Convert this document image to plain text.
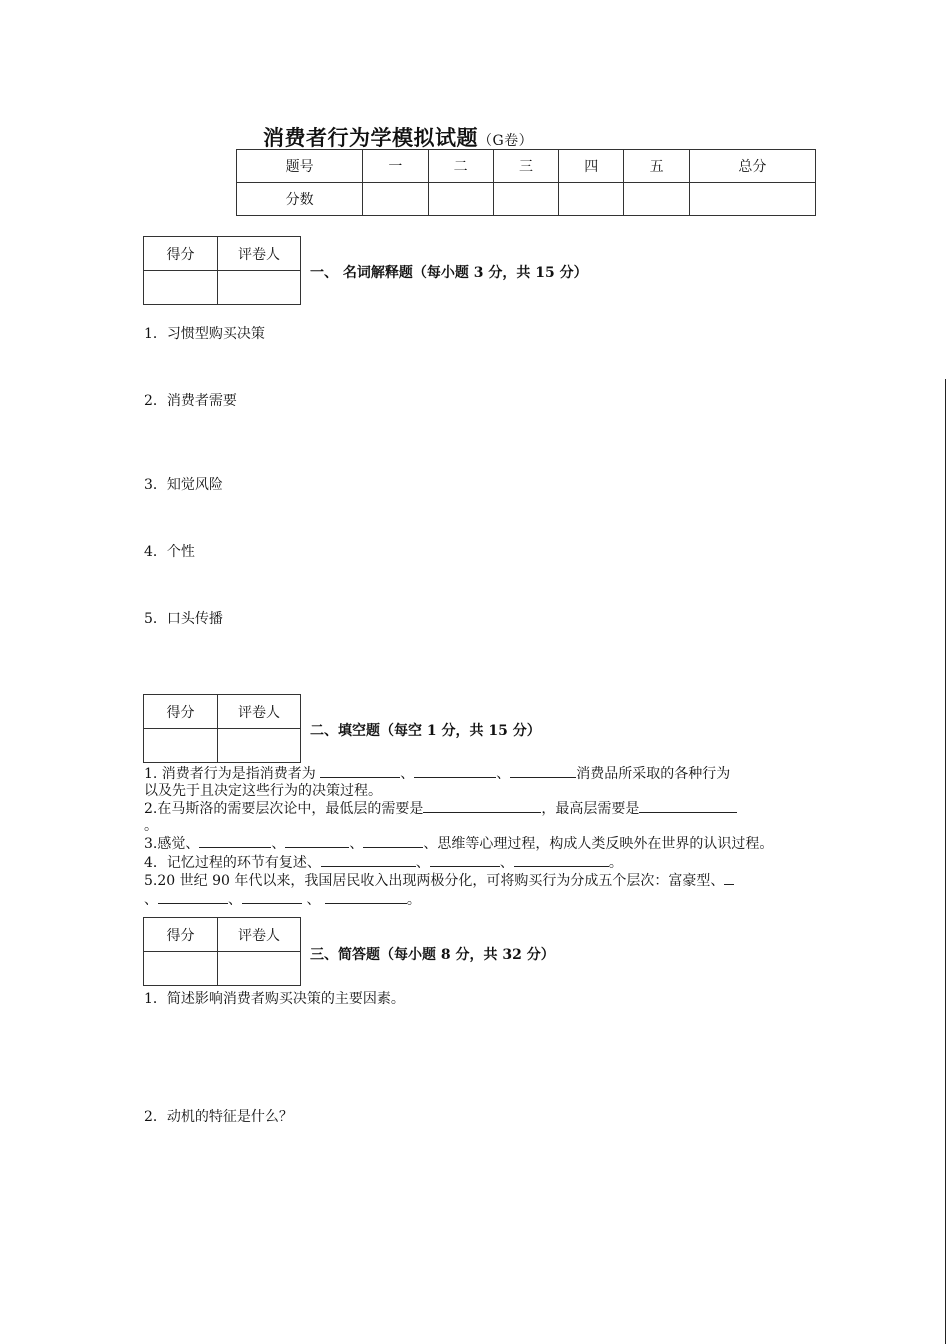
消费者行为学模拟试题（G卷）
题号	一	二	三	四	五	总分
分数						
得分	评卷人

一、 名词解释题（每小题 3 分，共 15 分）
1．习惯型购买决策
2．消费者需要
3．知觉风险
4．个性
5．口头传播
得分	评卷人

二、填空题（每空 1 分，共 15 分）

1. 消费者行为是指消费者为	、	、	消费品所采取的各种行为

以及先于且决定这些行为的决策过程。

2.在马斯洛的需要层次论中，最低层的需要是	，最高层需要是

。

3.感觉、	、	、	、思维等心理过程，构成人类反映外在世界的认识过程。

4．记忆过程的环节有复述、	、	、	。

5.20 世纪 90 年代以来，我国居民收入出现两极分化，可将购买行为分成五个层次：富豪型、

、	、	、	。

得分	评卷人

三、简答题（每小题 8 分，共 32 分）
1．简述影响消费者购买决策的主要因素。
2．动机的特征是什么？
